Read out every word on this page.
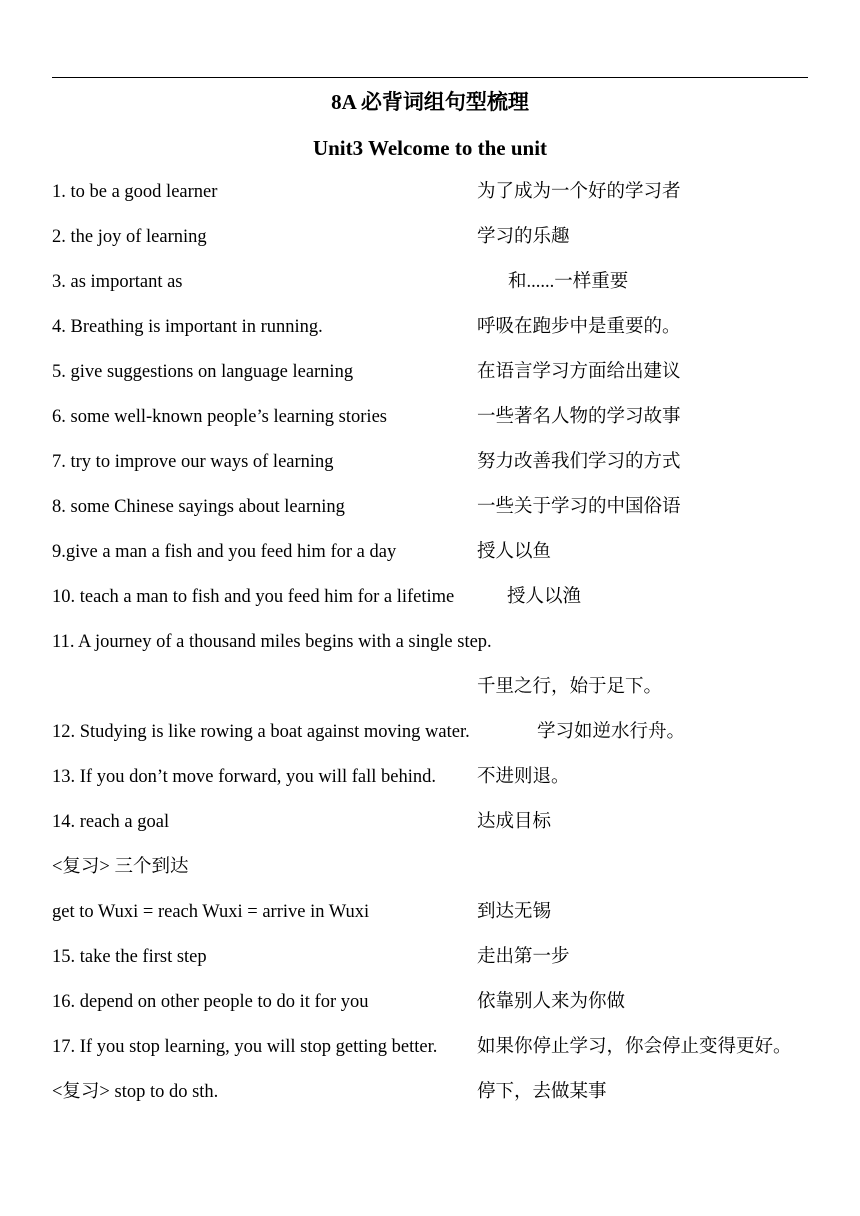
8A 必背词组句型梳理
Unit3 Welcome to the unit
1. to be a good learner	为了成为一个好的学习者
2. the joy of learning	学习的乐趣
3. as important as	和......一样重要
4. Breathing is important in running.	呼吸在跑步中是重要的。
5. give suggestions on language learning	在语言学习方面给出建议
6. some well-known people’s learning stories	一些著名人物的学习故事
7. try to improve our ways of learning	努力改善我们学习的方式
8. some Chinese sayings about learning	一些关于学习的中国俗语
9.give a man a fish and you feed him for a day	授人以鱼
10. teach a man to fish and you feed him for a lifetime	授人以渔
11. A journey of a thousand miles begins with a single step.
千里之行，始于足下。
12. Studying is like rowing a boat against moving water.	学习如逆水行舟。
13. If you don’t move forward, you will fall behind. 不进则退。
14. reach a goal	达成目标
<复习> 三个到达
get to Wuxi = reach Wuxi = arrive in Wuxi	到达无锡
15. take the first step	走出第一步
16. depend on other people to do it for you	依靠别人来为你做
17. If you stop learning, you will stop getting better. 如果你停止学习，你会停止变得更好。
<复习> stop to do sth.	停下，去做某事
